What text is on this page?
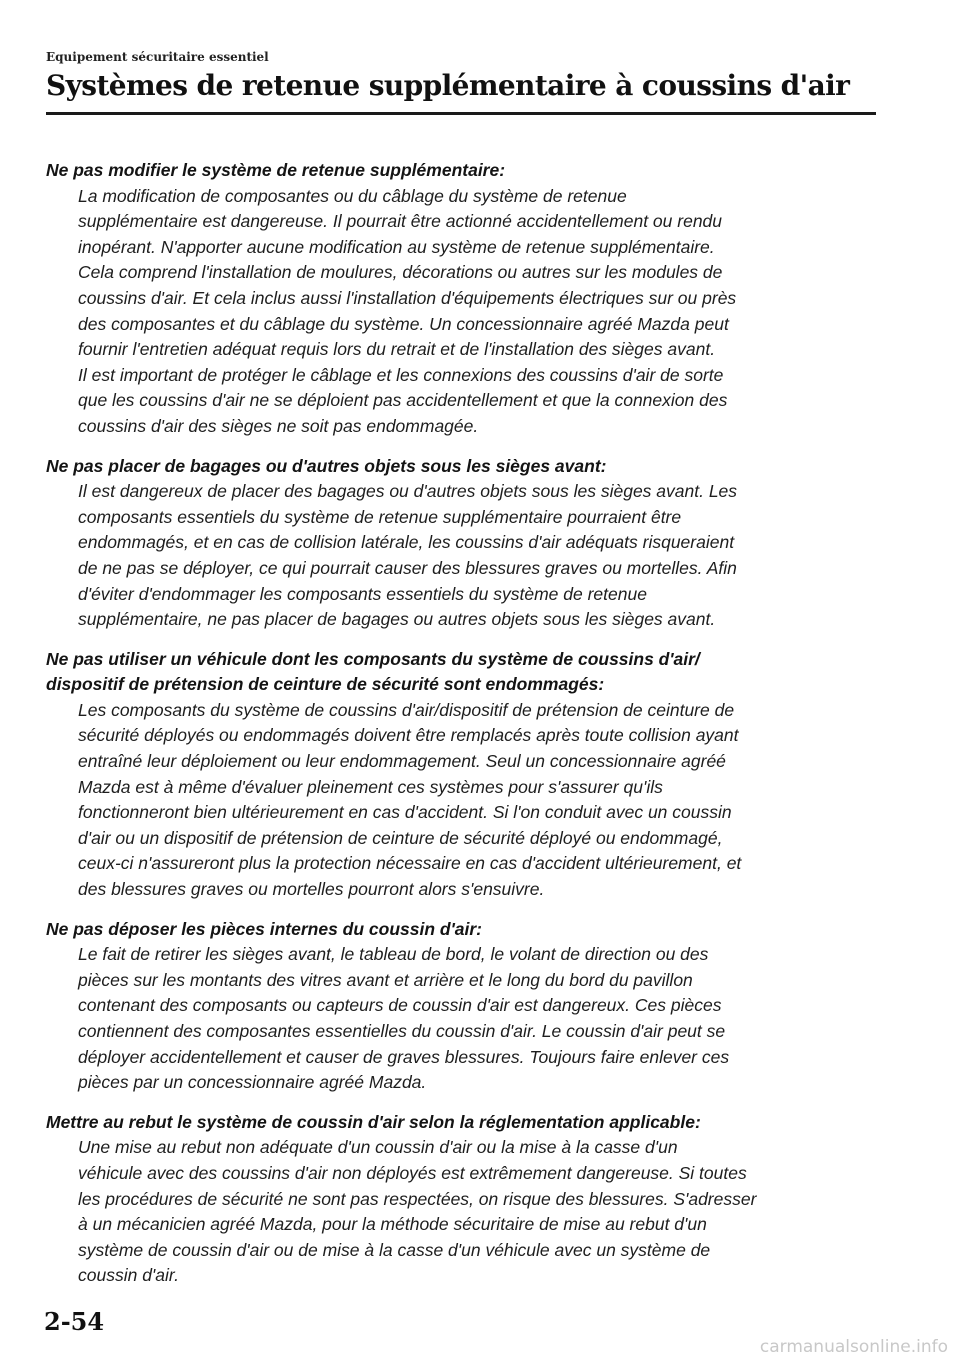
Equipement sécuritaire essentiel
Systèmes de retenue supplémentaire à coussins d'air
Ne pas modifier le système de retenue supplémentaire:
La modification de composantes ou du câblage du système de retenue
supplémentaire est dangereuse. Il pourrait être actionné accidentellement ou rendu
inopérant. N'apporter aucune modification au système de retenue supplémentaire.
Cela comprend l'installation de moulures, décorations ou autres sur les modules de
coussins d'air. Et cela inclus aussi l'installation d'équipements électriques sur ou près
des composantes et du câblage du système. Un concessionnaire agréé Mazda peut
fournir l'entretien adéquat requis lors du retrait et de l'installation des sièges avant.
Il est important de protéger le câblage et les connexions des coussins d'air de sorte
que les coussins d'air ne se déploient pas accidentellement et que la connexion des
coussins d'air des sièges ne soit pas endommagée.
Ne pas placer de bagages ou d'autres objets sous les sièges avant:
Il est dangereux de placer des bagages ou d'autres objets sous les sièges avant. Les
composants essentiels du système de retenue supplémentaire pourraient être
endommagés, et en cas de collision latérale, les coussins d'air adéquats risqueraient
de ne pas se déployer, ce qui pourrait causer des blessures graves ou mortelles. Afin
d'éviter d'endommager les composants essentiels du système de retenue
supplémentaire, ne pas placer de bagages ou autres objets sous les sièges avant.
Ne pas utiliser un véhicule dont les composants du système de coussins d'air/
dispositif de prétension de ceinture de sécurité sont endommagés:
Les composants du système de coussins d'air/dispositif de prétension de ceinture de
sécurité déployés ou endommagés doivent être remplacés après toute collision ayant
entraîné leur déploiement ou leur endommagement. Seul un concessionnaire agréé
Mazda est à même d'évaluer pleinement ces systèmes pour s'assurer qu'ils
fonctionneront bien ultérieurement en cas d'accident. Si l'on conduit avec un coussin
d'air ou un dispositif de prétension de ceinture de sécurité déployé ou endommagé,
ceux-ci n'assureront plus la protection nécessaire en cas d'accident ultérieurement, et
des blessures graves ou mortelles pourront alors s'ensuivre.
Ne pas déposer les pièces internes du coussin d'air:
Le fait de retirer les sièges avant, le tableau de bord, le volant de direction ou des
pièces sur les montants des vitres avant et arrière et le long du bord du pavillon
contenant des composants ou capteurs de coussin d'air est dangereux. Ces pièces
contiennent des composantes essentielles du coussin d'air. Le coussin d'air peut se
déployer accidentellement et causer de graves blessures. Toujours faire enlever ces
pièces par un concessionnaire agréé Mazda.
Mettre au rebut le système de coussin d'air selon la réglementation applicable:
Une mise au rebut non adéquate d'un coussin d'air ou la mise à la casse d'un
véhicule avec des coussins d'air non déployés est extrêmement dangereuse. Si toutes
les procédures de sécurité ne sont pas respectées, on risque des blessures. S'adresser
à un mécanicien agréé Mazda, pour la méthode sécuritaire de mise au rebut d'un
système de coussin d'air ou de mise à la casse d'un véhicule avec un système de
coussin d'air.
2-54
carmanualsonline.info
